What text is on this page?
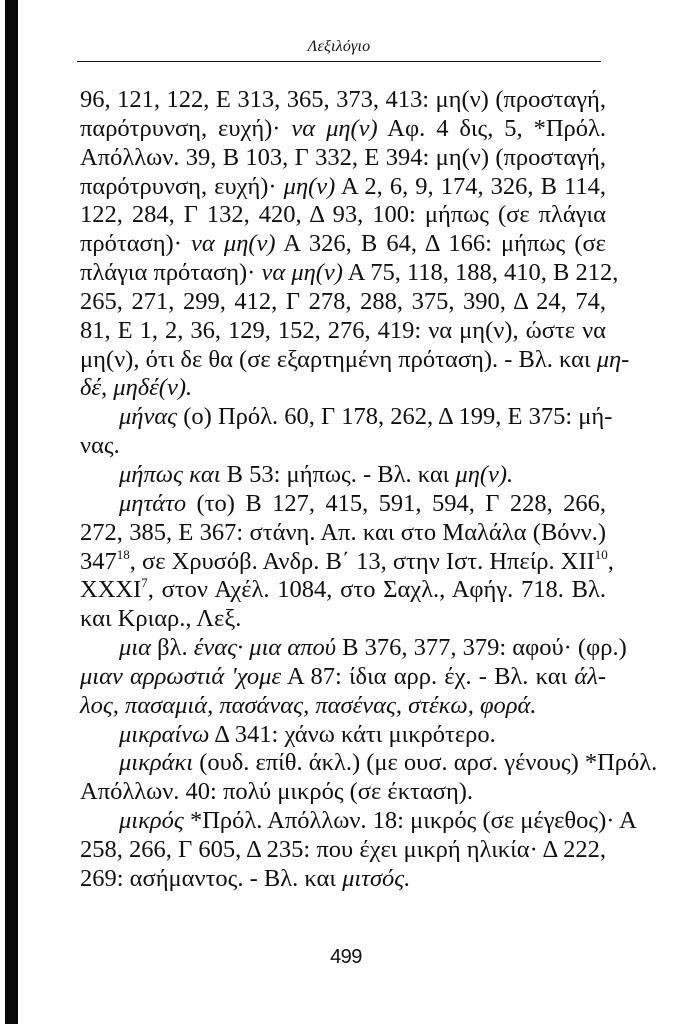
Λεξιλόγιο
96, 121, 122, Ε 313, 365, 373, 413: μη(ν) (προσταγή,
παρότρυνση, ευχή)· να μη(ν) Αφ. 4 δις, 5, *Πρόλ.
Απόλλων. 39, Β 103, Γ 332, Ε 394: μη(ν) (προσταγή,
παρότρυνση, ευχή)· μη(ν) Α 2, 6, 9, 174, 326, Β 114,
122, 284, Γ 132, 420, Δ 93, 100: μήπως (σε πλάγια
πρόταση)· να μη(ν) Α 326, Β 64, Δ 166: μήπως (σε
πλάγια πρόταση)· να μη(ν) Α 75, 118, 188, 410, Β 212,
265, 271, 299, 412, Γ 278, 288, 375, 390, Δ 24, 74,
81, Ε 1, 2, 36, 129, 152, 276, 419: να μη(ν), ώστε να
μη(ν), ότι δε θα (σε εξαρτημένη πρόταση). - Βλ. και μη-
δέ, μηδέ(ν).
μήνας (ο) Πρόλ. 60, Γ 178, 262, Δ 199, Ε 375: μή-
νας.
μήπως και Β 53: μήπως. - Βλ. και μη(ν).
μητάτο (το) Β 127, 415, 591, 594, Γ 228, 266,
272, 385, Ε 367: στάνη. Απ. και στο Μαλάλα (Βόνν.)
$347^{18}$, σε Χρυσόβ. Ανδρ. Β΄ 13, στην Ιστ. Ηπείρ. ΧΙΙ$^{10}$,
ΧΧΧΙ$^7$, στον Αχέλ. 1084, στο Σαχλ., Αφήγ. 718. Βλ.
και Κριαρ., Λεξ.
μια βλ. ένας· μια απού Β 376, 377, 379: αφού· (φρ.)
μιαν αρρωστιά 'χομε Α 87: ίδια αρρ. έχ. - Βλ. και άλ-
λος, πασαμιά, πασάνας, πασένας, στέκω, φορά.
μικραίνω Δ 341: χάνω κάτι μικρότερο.
μικράκι (ουδ. επίθ. άκλ.) (με ουσ. αρσ. γένους) *Πρόλ.
Απόλλων. 40: πολύ μικρός (σε έκταση).
μικρός *Πρόλ. Απόλλων. 18: μικρός (σε μέγεθος)· Α
258, 266, Γ 605, Δ 235: που έχει μικρή ηλικία· Δ 222,
269: ασήμαντος. - Βλ. και μιτσός.
499
